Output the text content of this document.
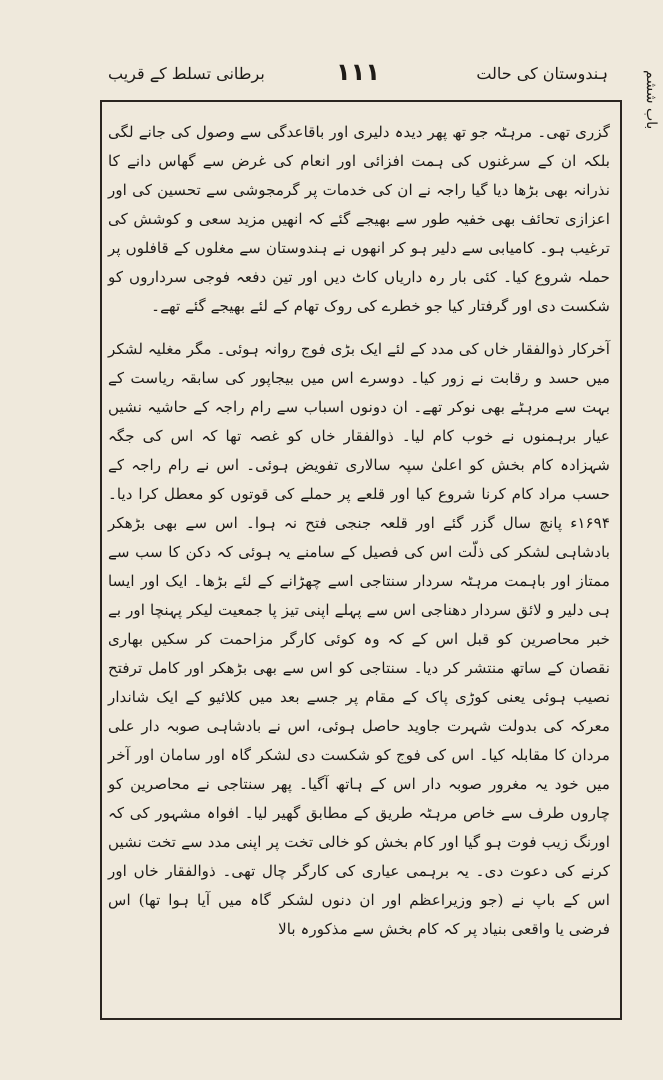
برطانی تسلط کے قریب	۱۱۱	ہندوستان کی حالت	باب ششم

گزری تھی۔ مرہٹہ جو تھ پھر دیدہ دلیری اور باقاعدگی سے وصول کی جانے لگی بلکہ ان کے سرغنوں کی ہمت افزائی اور انعام کی غرض سے گھاس دانے کا نذرانہ بھی بڑھا دیا گیا راجہ نے ان کی خدمات پر گرمجوشی سے تحسین کی اور اعزازی تحائف بھی خفیہ طور سے بھیجے گئے کہ انھیں مزید سعی و کوشش کی ترغیب ہو۔ کامیابی سے دلیر ہو کر انھوں نے ہندوستان سے مغلوں کے قافلوں پر حملہ شروع کیا۔ کئی بار رہ داریاں کاٹ دیں اور تین دفعہ فوجی سرداروں کو شکست دی اور گرفتار کیا جو خطرے کی روک تھام کے لئے بھیجے گئے تھے۔

آخرکار ذوالفقار خاں کی مدد کے لئے ایک بڑی فوج روانہ ہوئی۔ مگر مغلیہ لشکر میں حسد و رقابت نے زور کیا۔ دوسرے اس میں بیجاپور کی سابقہ ریاست کے بہت سے مرہٹے بھی نوکر تھے۔ ان دونوں اسباب سے رام راجہ کے حاشیہ نشیں عیار برہمنوں نے خوب کام لیا۔ ذوالفقار خاں کو غصہ تھا کہ اس کی جگہ شہزادہ کام بخش کو اعلیٰ سپہ سالاری تفویض ہوئی۔ اس نے رام راجہ کے حسب مراد کام کرنا شروع کیا اور قلعے پر حملے کی قوتوں کو معطل کرا دیا۔ ۱۶۹۴ء پانچ سال گزر گئے اور قلعہ جنجی فتح نہ ہوا۔ اس سے بھی بڑھکر بادشاہی لشکر کی ذلّت اس کی فصیل کے سامنے یہ ہوئی کہ دکن کا سب سے ممتاز اور باہمت مرہٹہ سردار سنتاجی اسے چھڑانے کے لئے بڑھا۔ ایک اور ایسا ہی دلیر و لائق سردار دھناجی اس سے پہلے اپنی تیز پا جمعیت لیکر پہنچا اور بے خبر محاصرین کو قبل اس کے کہ وہ کوئی کارگر مزاحمت کر سکیں بھاری نقصان کے ساتھ منتشر کر دیا۔ سنتاجی کو اس سے بھی بڑھکر اور کامل ترفتح نصیب ہوئی یعنی کوڑی پاک کے مقام پر جسے بعد میں کلائیو کے ایک شاندار معرکہ کی بدولت شہرت جاوید حاصل ہوئی، اس نے بادشاہی صوبہ دار علی مردان کا مقابلہ کیا۔ اس کی فوج کو شکست دی لشکر گاہ اور سامان اور آخر میں خود یہ مغرور صوبہ دار اس کے ہاتھ آگیا۔ پھر سنتاجی نے محاصرین کو چاروں طرف سے خاص مرہٹہ طریق کے مطابق گھیر لیا۔ افواہ مشہور کی کہ اورنگ زیب فوت ہو گیا اور کام بخش کو خالی تخت پر اپنی مدد سے تخت نشیں کرنے کی دعوت دی۔ یہ برہمی عیاری کی کارگر چال تھی۔ ذوالفقار خاں اور اس کے باپ نے (جو وزیراعظم اور ان دنوں لشکر گاہ میں آیا ہوا تھا) اس فرضی یا واقعی بنیاد پر کہ کام بخش سے مذکورہ بالا
